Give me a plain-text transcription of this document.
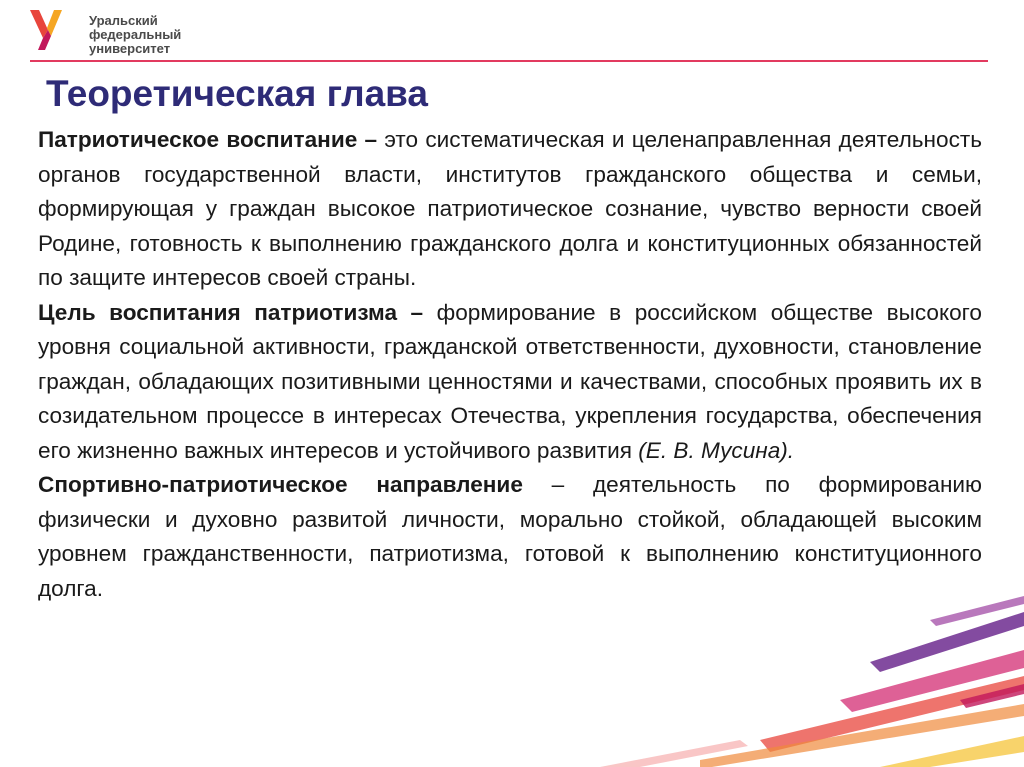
Уральский
федеральный
университет
Теоретическая глава

Патриотическое воспитание – это систематическая и целенаправленная деятельность органов государственной власти, институтов гражданского общества и семьи, формирующая у граждан высокое патриотическое сознание, чувство верности своей Родине, готовность к выполнению гражданского долга и конституционных обязанностей по защите интересов своей страны.

Цель воспитания патриотизма – формирование в российском обществе высокого уровня социальной активности, гражданской ответственности, духовности, становление граждан, обладающих позитивными ценностями и качествами, способных проявить их в созидательном процессе в интересах Отечества, укрепления государства, обеспечения его жизненно важных интересов и устойчивого развития (Е. В. Мусина).

Спортивно-патриотическое направление – деятельность по формированию физически и духовно развитой личности, морально стойкой, обладающей высоким уровнем гражданственности, патриотизма, готовой к выполнению конституционного долга.
